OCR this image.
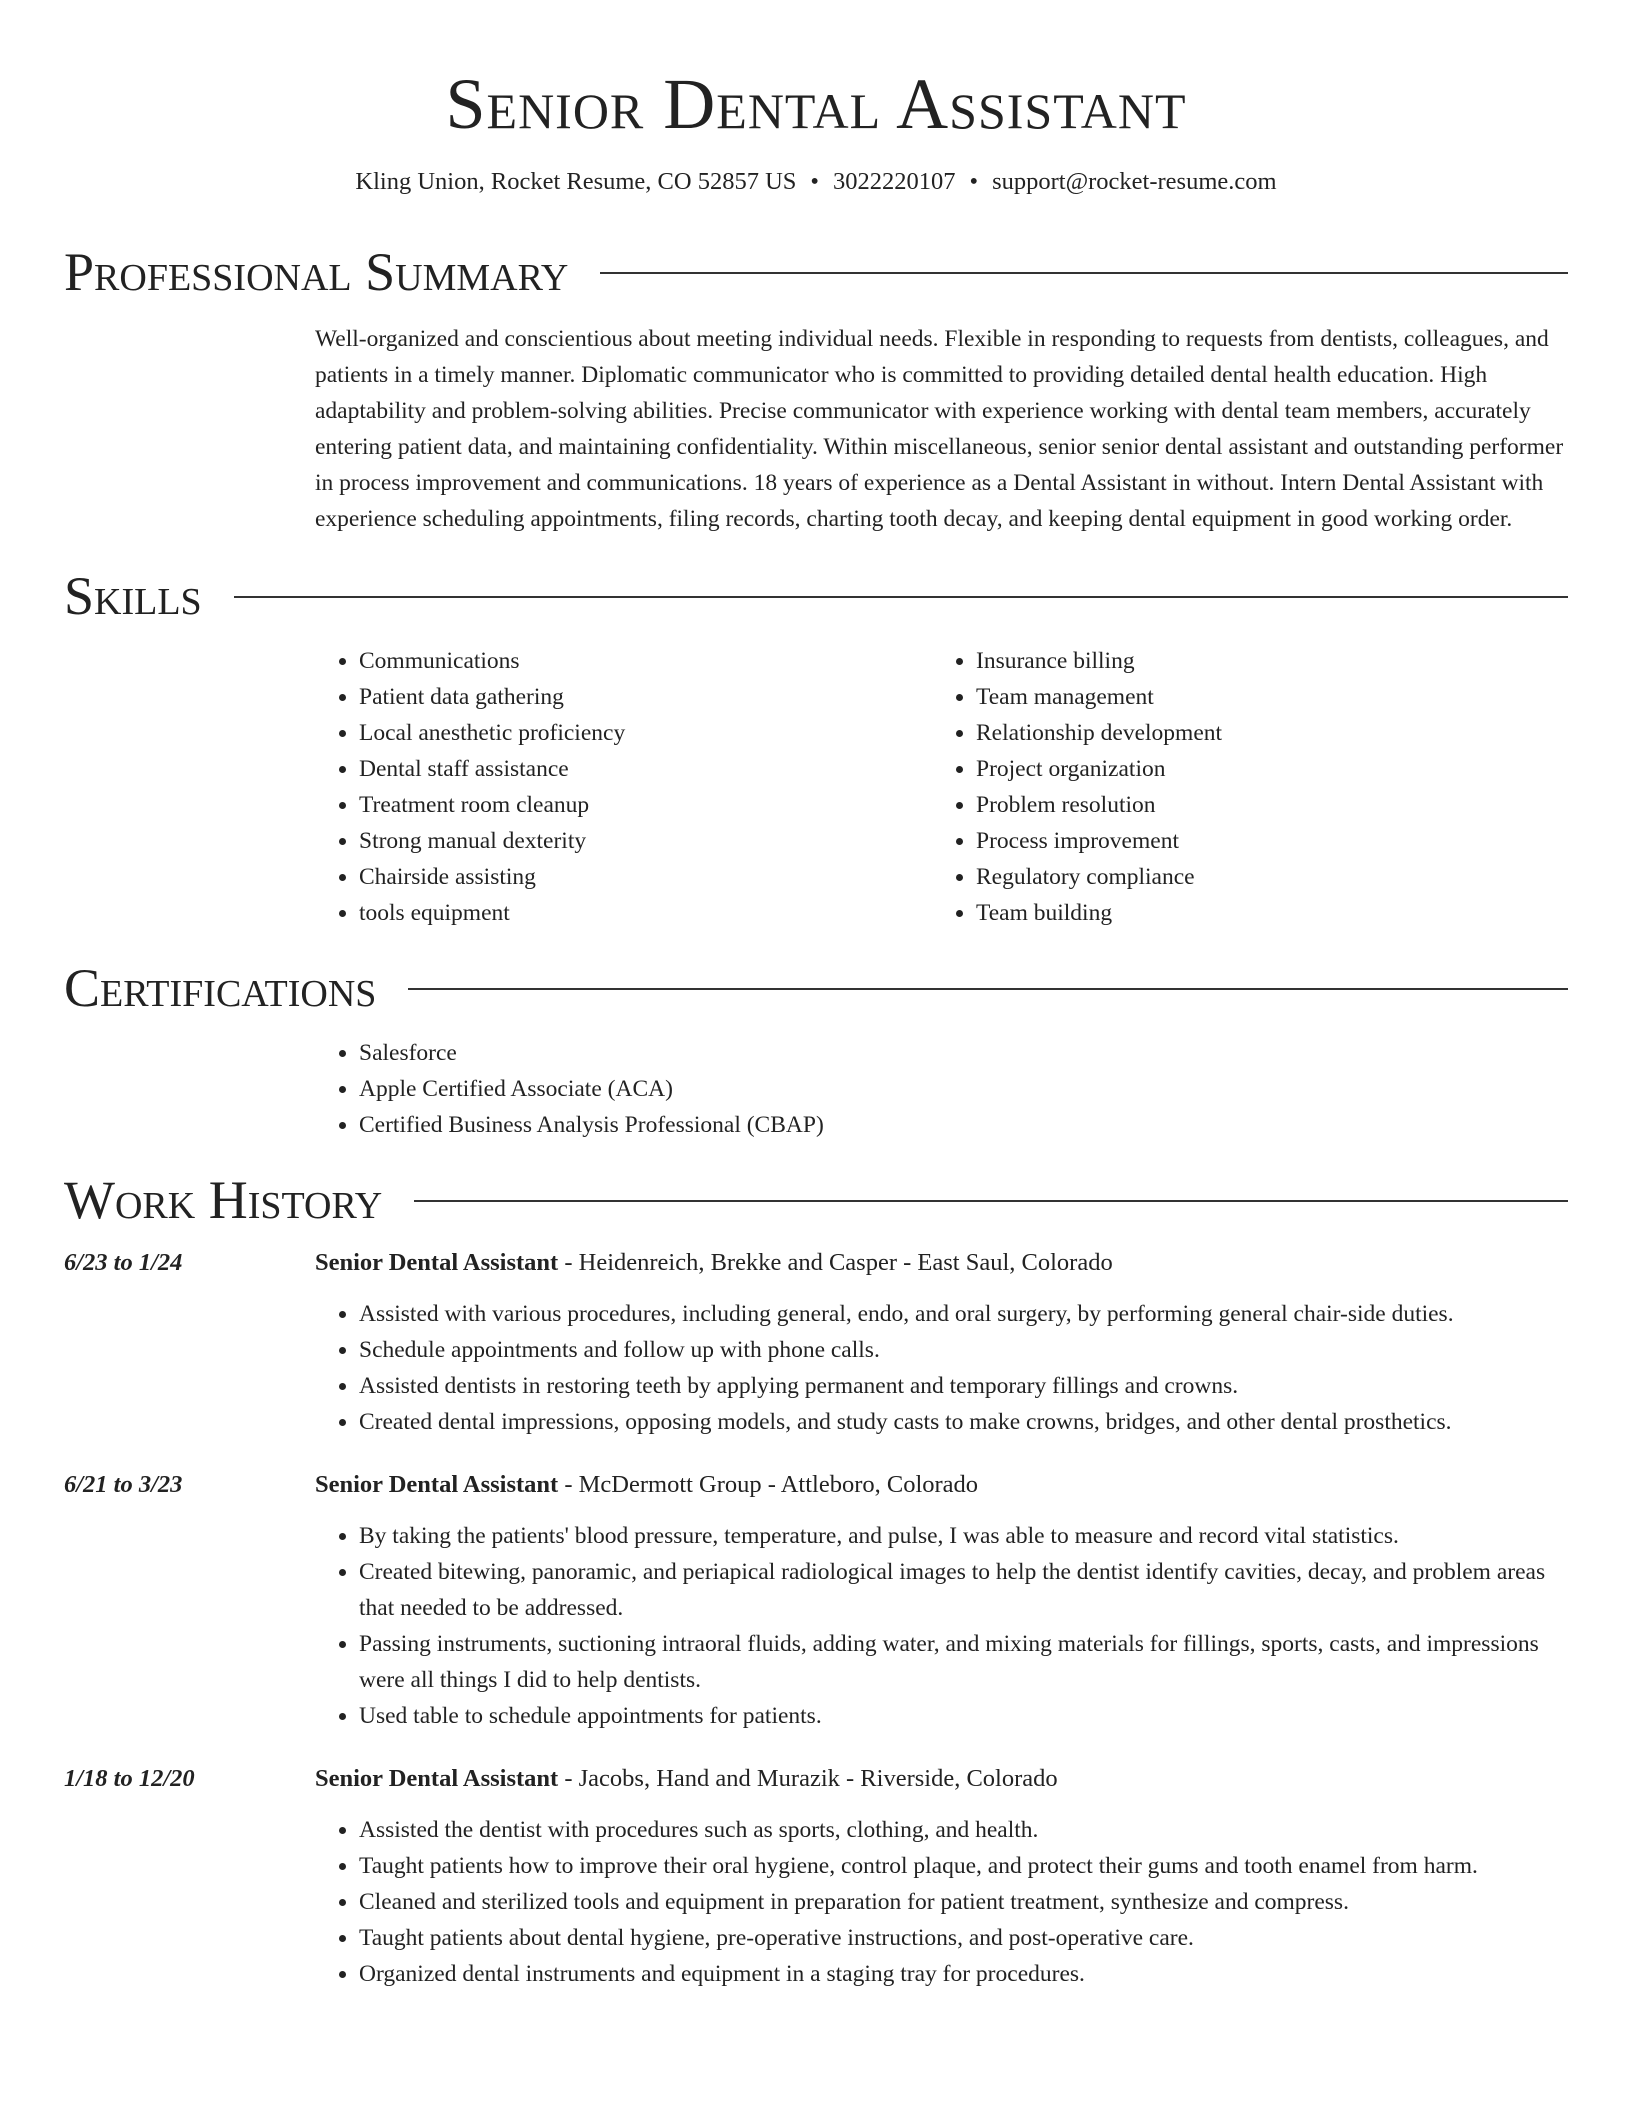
Senior Dental Assistant
Kling Union, Rocket Resume, CO 52857 US • 3022220107 • support@rocket-resume.com
Professional Summary
Well-organized and conscientious about meeting individual needs. Flexible in responding to requests from dentists, colleagues, and patients in a timely manner. Diplomatic communicator who is committed to providing detailed dental health education. High adaptability and problem-solving abilities. Precise communicator with experience working with dental team members, accurately entering patient data, and maintaining confidentiality. Within miscellaneous, senior senior dental assistant and outstanding performer in process improvement and communications. 18 years of experience as a Dental Assistant in without. Intern Dental Assistant with experience scheduling appointments, filing records, charting tooth decay, and keeping dental equipment in good working order.
Skills
• Communications
• Patient data gathering
• Local anesthetic proficiency
• Dental staff assistance
• Treatment room cleanup
• Strong manual dexterity
• Chairside assisting
• tools equipment
• Insurance billing
• Team management
• Relationship development
• Project organization
• Problem resolution
• Process improvement
• Regulatory compliance
• Team building
Certifications
• Salesforce
• Apple Certified Associate (ACA)
• Certified Business Analysis Professional (CBAP)
Work History
6/23 to 1/24	Senior Dental Assistant - Heidenreich, Brekke and Casper - East Saul, Colorado
• Assisted with various procedures, including general, endo, and oral surgery, by performing general chair-side duties.
• Schedule appointments and follow up with phone calls.
• Assisted dentists in restoring teeth by applying permanent and temporary fillings and crowns.
• Created dental impressions, opposing models, and study casts to make crowns, bridges, and other dental prosthetics.
6/21 to 3/23	Senior Dental Assistant - McDermott Group - Attleboro, Colorado
• By taking the patients' blood pressure, temperature, and pulse, I was able to measure and record vital statistics.
• Created bitewing, panoramic, and periapical radiological images to help the dentist identify cavities, decay, and problem areas that needed to be addressed.
• Passing instruments, suctioning intraoral fluids, adding water, and mixing materials for fillings, sports, casts, and impressions were all things I did to help dentists.
• Used table to schedule appointments for patients.
1/18 to 12/20	Senior Dental Assistant - Jacobs, Hand and Murazik - Riverside, Colorado
• Assisted the dentist with procedures such as sports, clothing, and health.
• Taught patients how to improve their oral hygiene, control plaque, and protect their gums and tooth enamel from harm.
• Cleaned and sterilized tools and equipment in preparation for patient treatment, synthesize and compress.
• Taught patients about dental hygiene, pre-operative instructions, and post-operative care.
• Organized dental instruments and equipment in a staging tray for procedures.
